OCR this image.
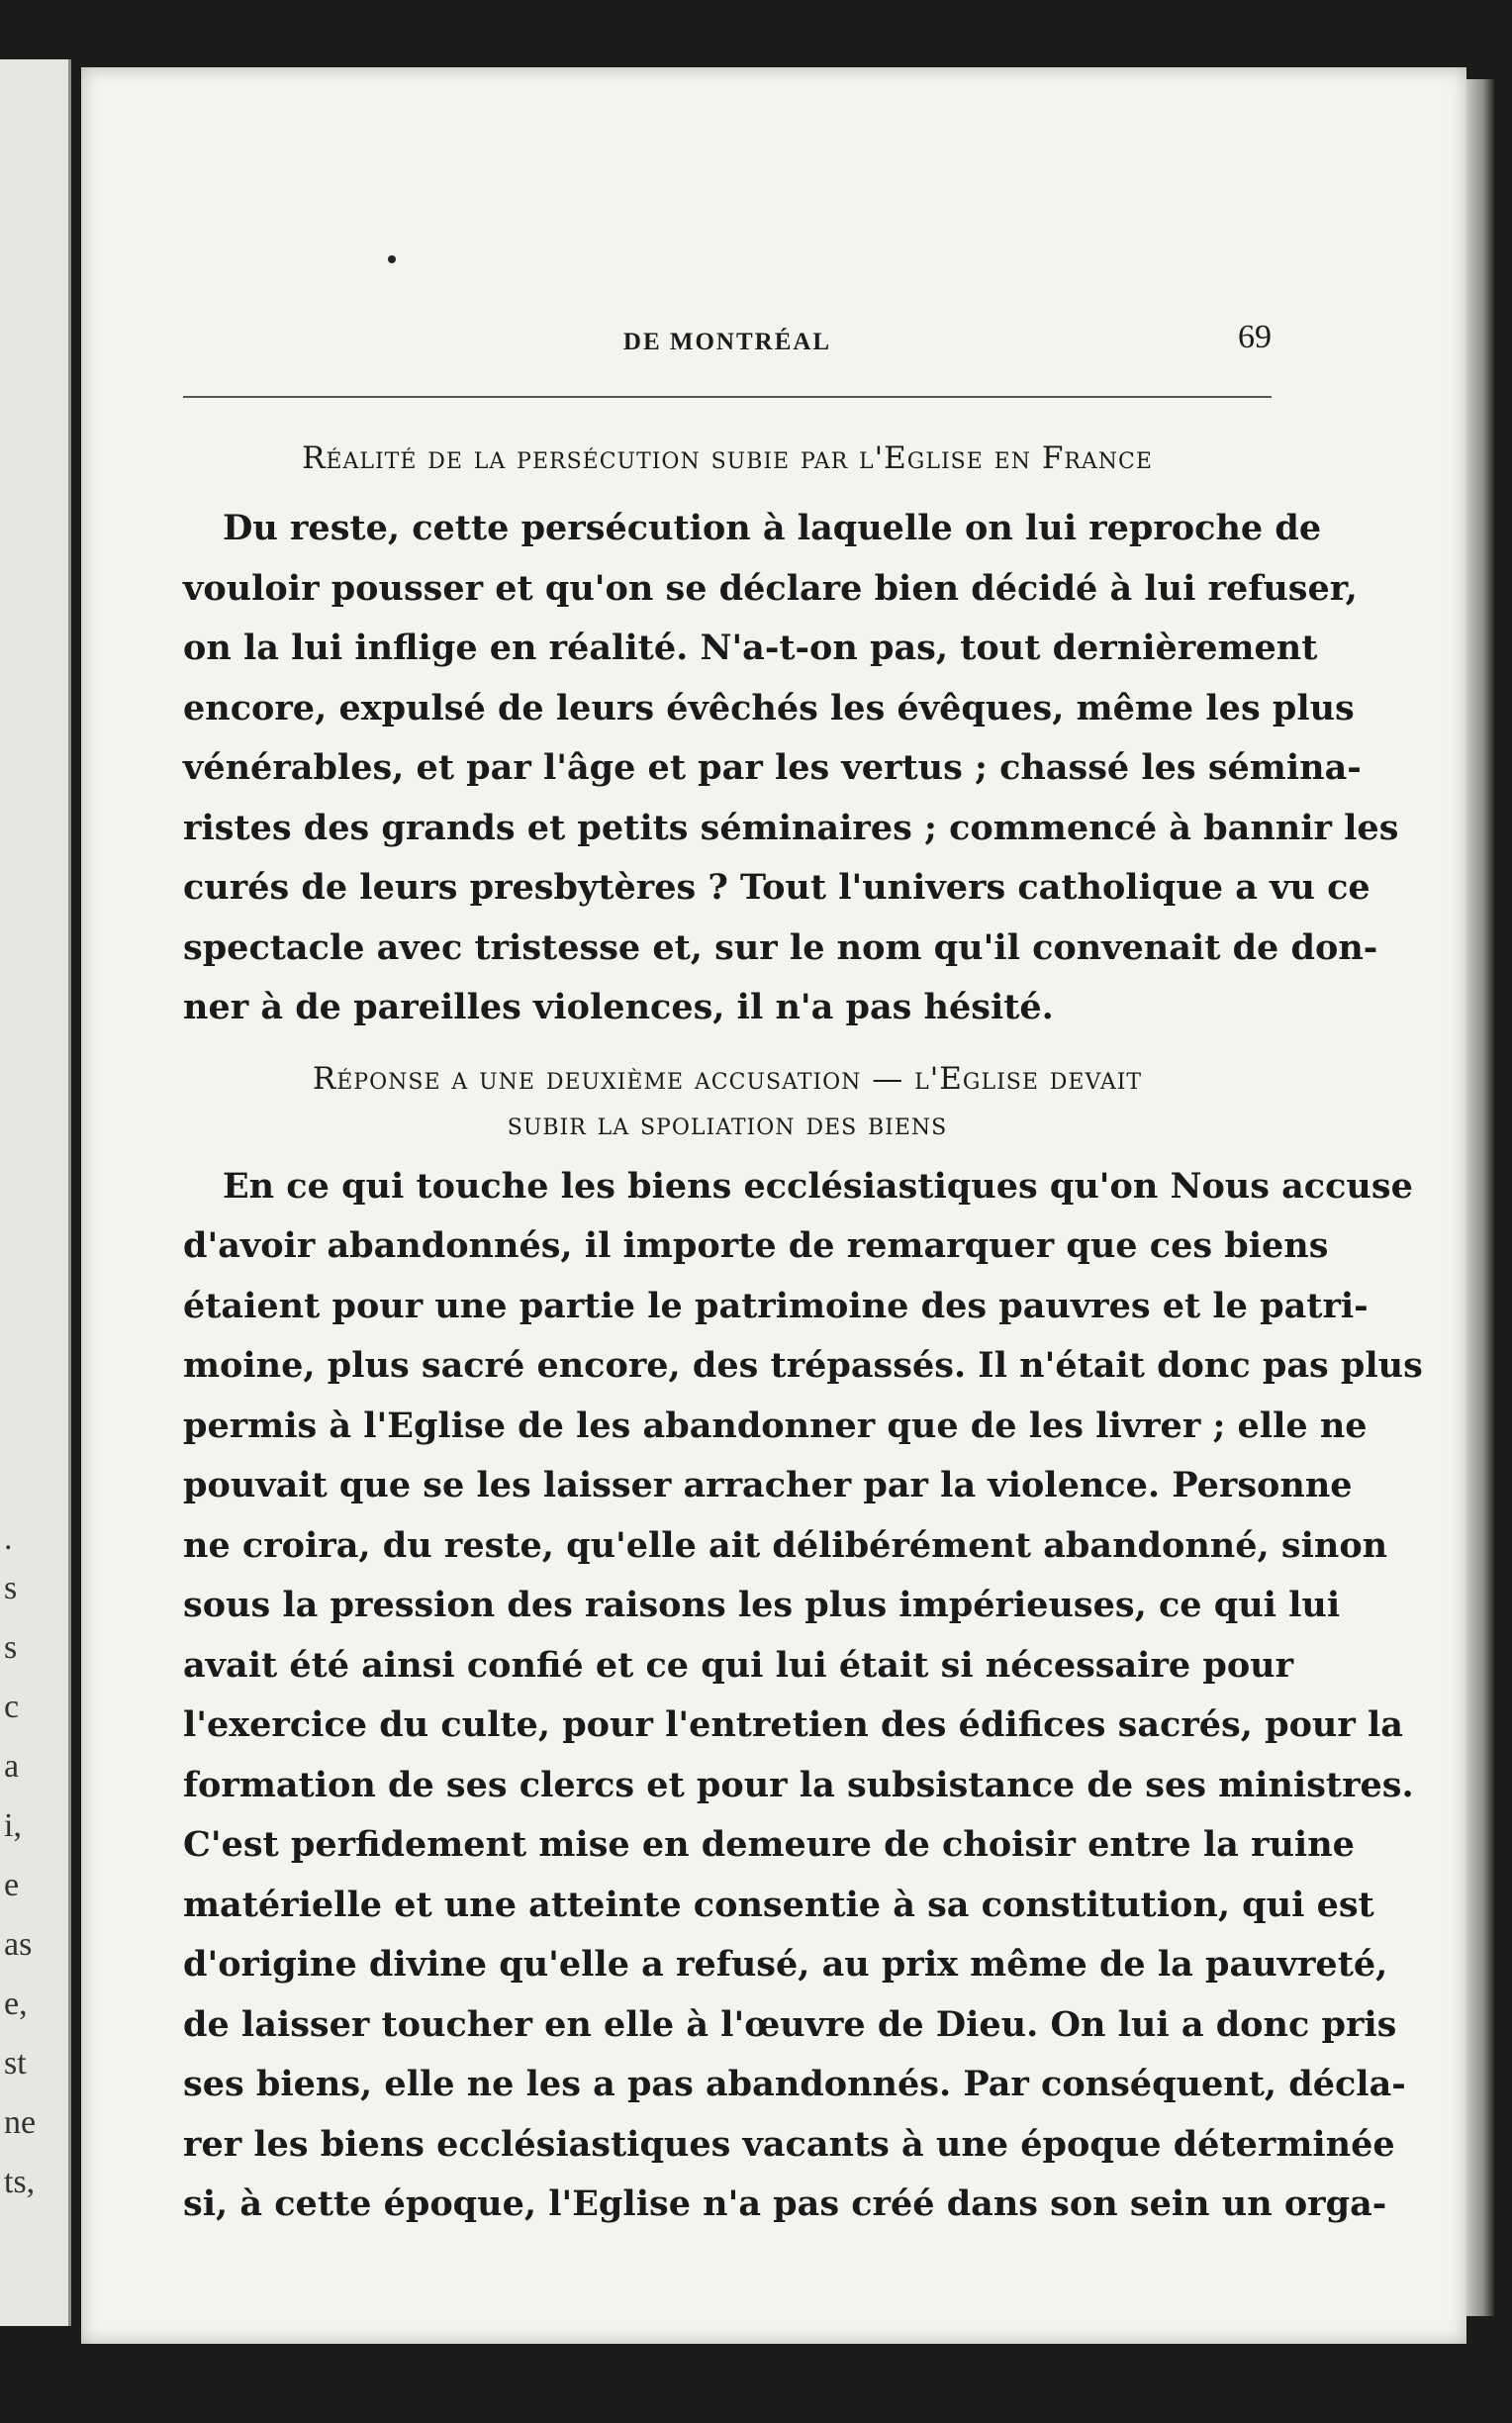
.
s
s
c
a
i,
e
as
e,
st
ne
ts,
DE MONTRÉAL	69
Réalité de la persécution subie par l'Eglise en France
Du reste, cette persécution à laquelle on lui reproche de
vouloir pousser et qu'on se déclare bien décidé à lui refuser,
on la lui inflige en réalité. N'a-t-on pas, tout dernièrement
encore, expulsé de leurs évêchés les évêques, même les plus
vénérables, et par l'âge et par les vertus ; chassé les sémina-
ristes des grands et petits séminaires ; commencé à bannir les
curés de leurs presbytères ? Tout l'univers catholique a vu ce
spectacle avec tristesse et, sur le nom qu'il convenait de don-
ner à de pareilles violences, il n'a pas hésité.
Réponse a une deuxième accusation — l'Eglise devait
subir la spoliation des biens
En ce qui touche les biens ecclésiastiques qu'on Nous accuse
d'avoir abandonnés, il importe de remarquer que ces biens
étaient pour une partie le patrimoine des pauvres et le patri-
moine, plus sacré encore, des trépassés. Il n'était donc pas plus
permis à l'Eglise de les abandonner que de les livrer ; elle ne
pouvait que se les laisser arracher par la violence. Personne
ne croira, du reste, qu'elle ait délibérément abandonné, sinon
sous la pression des raisons les plus impérieuses, ce qui lui
avait été ainsi confié et ce qui lui était si nécessaire pour
l'exercice du culte, pour l'entretien des édifices sacrés, pour la
formation de ses clercs et pour la subsistance de ses ministres.
C'est perfidement mise en demeure de choisir entre la ruine
matérielle et une atteinte consentie à sa constitution, qui est
d'origine divine qu'elle a refusé, au prix même de la pauvreté,
de laisser toucher en elle à l'œuvre de Dieu. On lui a donc pris
ses biens, elle ne les a pas abandonnés. Par conséquent, décla-
rer les biens ecclésiastiques vacants à une époque déterminée
si, à cette époque, l'Eglise n'a pas créé dans son sein un orga-
